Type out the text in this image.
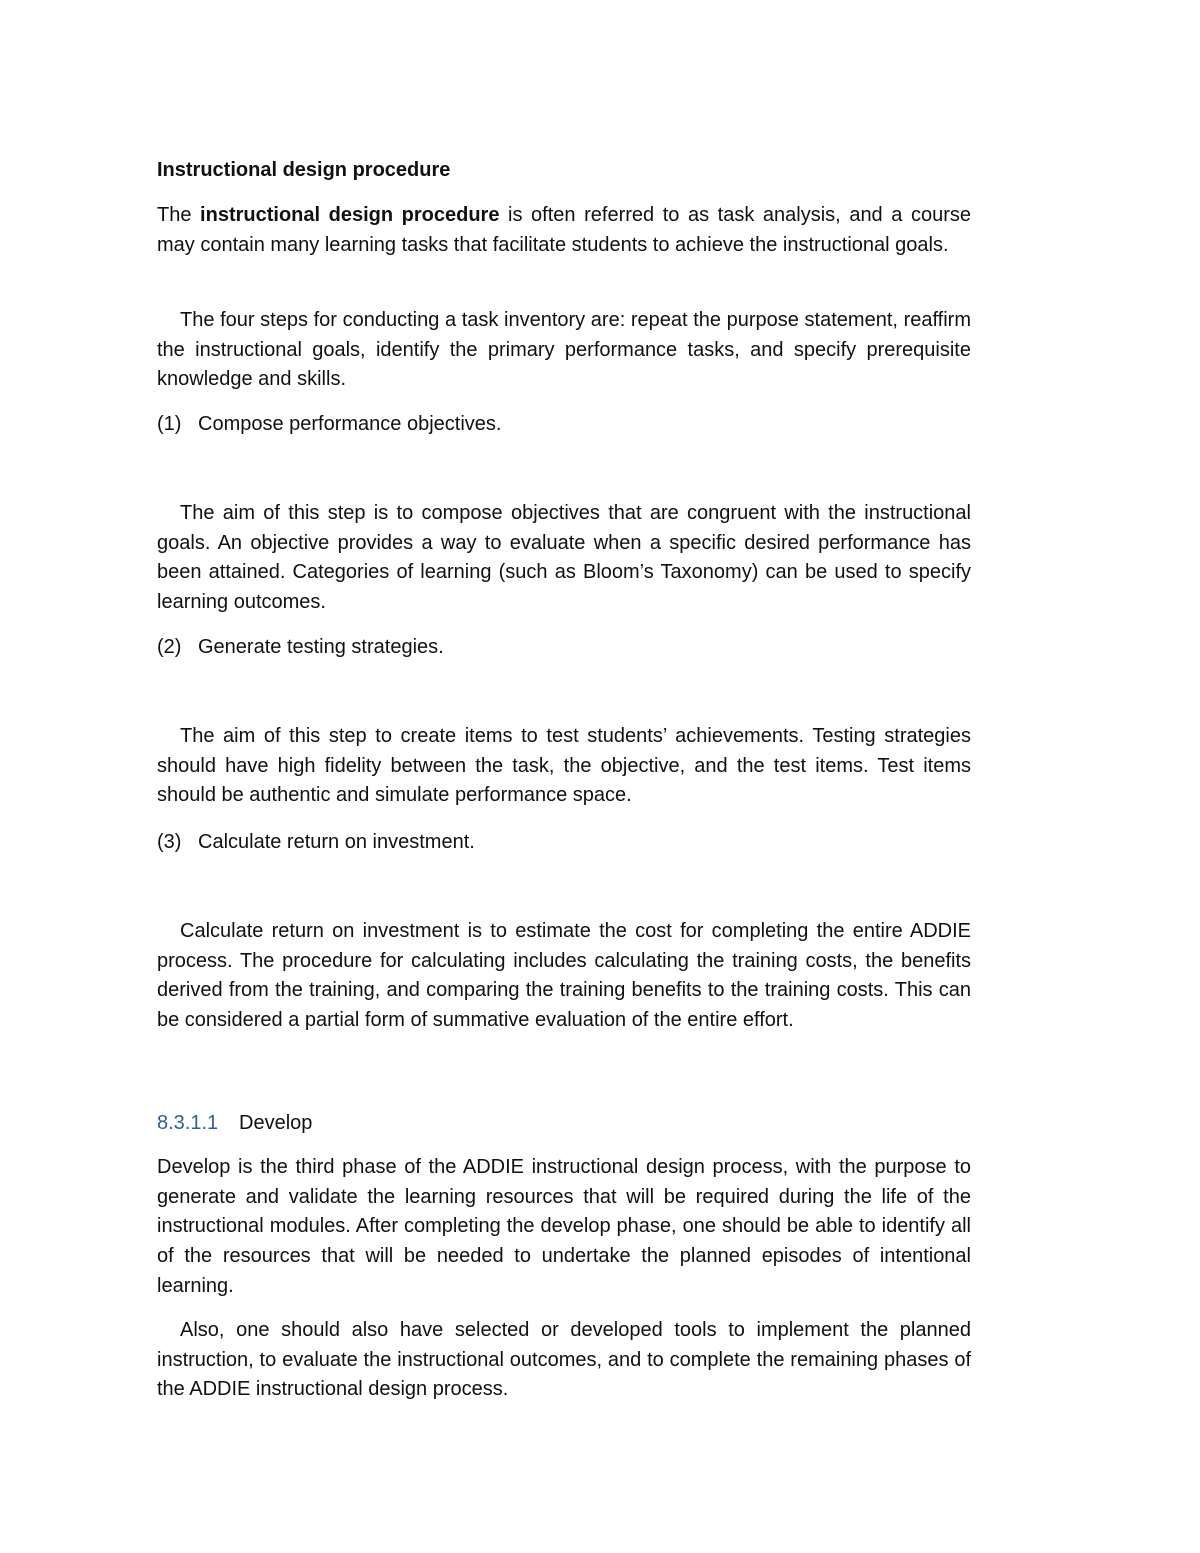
Instructional design procedure

The instructional design procedure is often referred to as task analysis, and a course may contain many learning tasks that facilitate students to achieve the instructional goals.

The four steps for conducting a task inventory are: repeat the purpose statement, reaffirm the instructional goals, identify the primary performance tasks, and specify prerequisite knowledge and skills.

(1) Compose performance objectives.

The aim of this step is to compose objectives that are congruent with the instructional goals. An objective provides a way to evaluate when a specific desired performance has been attained. Categories of learning (such as Bloom’s Taxonomy) can be used to specify learning outcomes.

(2) Generate testing strategies.

The aim of this step to create items to test students’ achievements. Testing strategies should have high fidelity between the task, the objective, and the test items. Test items should be authentic and simulate performance space.

(3) Calculate return on investment.

Calculate return on investment is to estimate the cost for completing the entire ADDIE process. The procedure for calculating includes calculating the training costs, the benefits derived from the training, and comparing the training benefits to the training costs. This can be considered a partial form of summative evaluation of the entire effort.

8.3.1.1 Develop

Develop is the third phase of the ADDIE instructional design process, with the purpose to generate and validate the learning resources that will be required during the life of the instructional modules. After completing the develop phase, one should be able to identify all of the resources that will be needed to undertake the planned episodes of intentional learning.

Also, one should also have selected or developed tools to implement the planned instruction, to evaluate the instructional outcomes, and to complete the remaining phases of the ADDIE instructional design process.
